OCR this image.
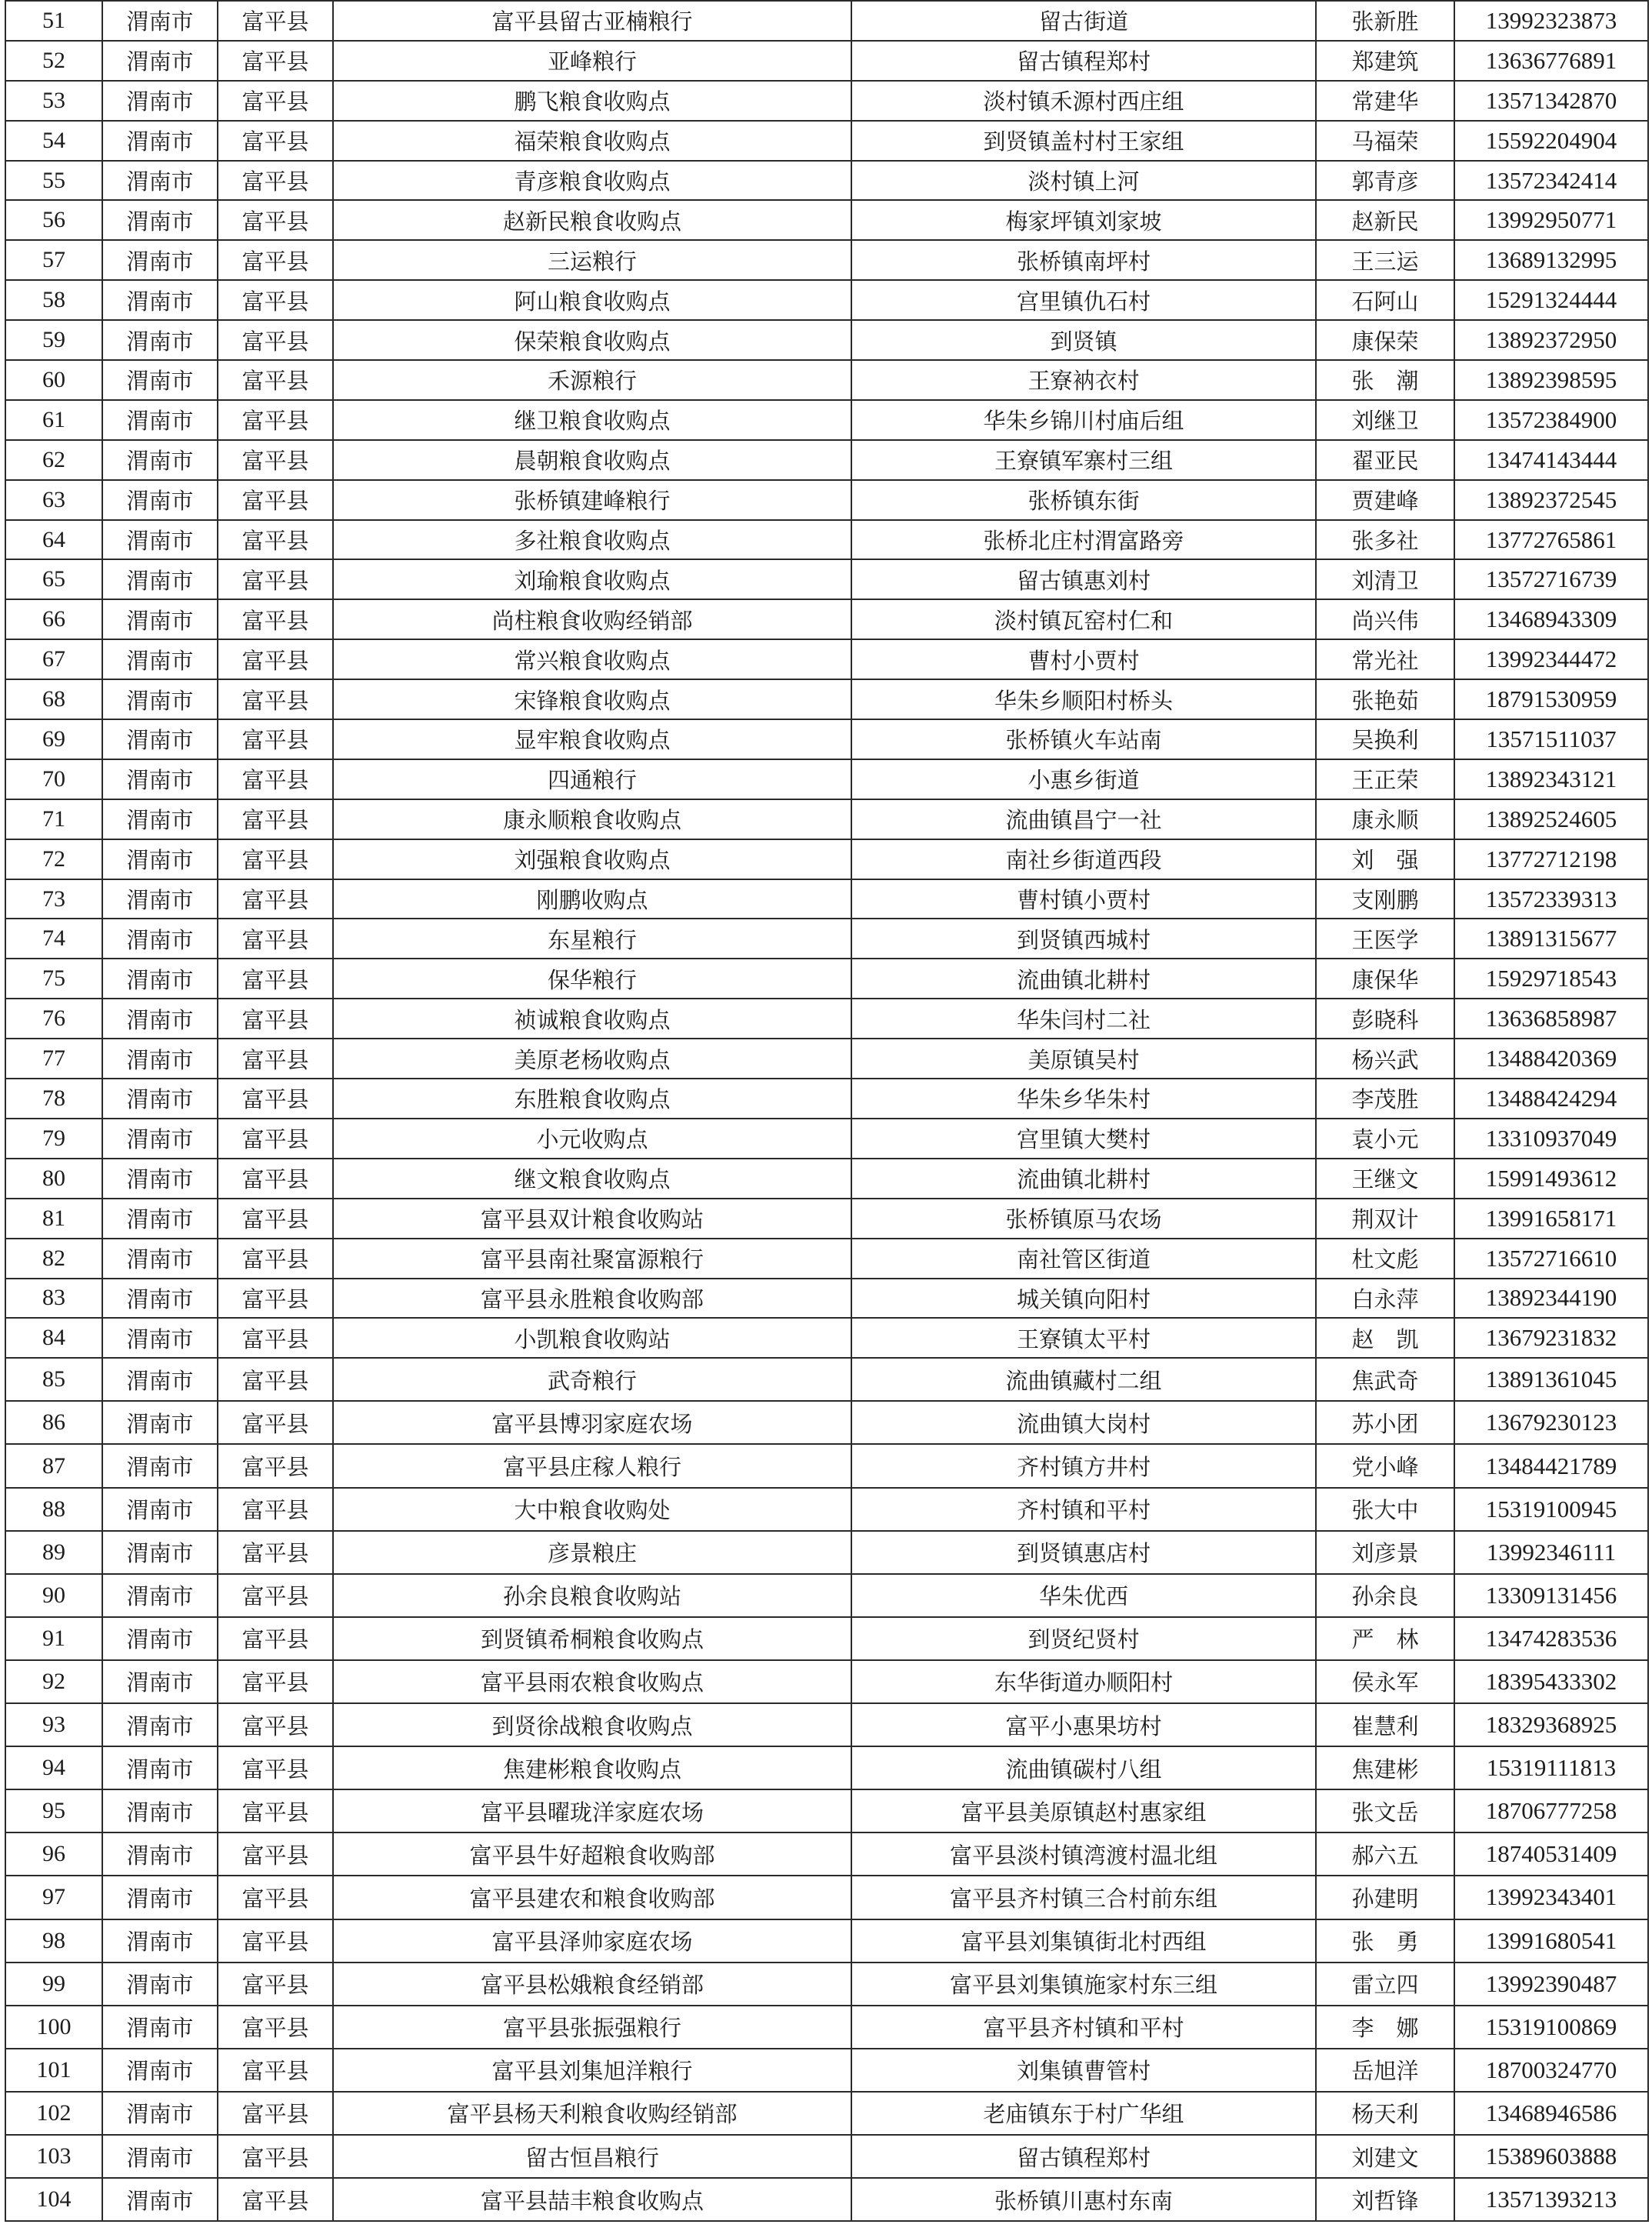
51	渭南市	富平县	富平县留古亚楠粮行	留古街道	张新胜	13992323873
52	渭南市	富平县	亚峰粮行	留古镇程郑村	郑建筑	13636776891
53	渭南市	富平县	鹏飞粮食收购点	淡村镇禾源村西庄组	常建华	13571342870
54	渭南市	富平县	福荣粮食收购点	到贤镇盖村村王家组	马福荣	15592204904
55	渭南市	富平县	青彦粮食收购点	淡村镇上河	郭青彦	13572342414
56	渭南市	富平县	赵新民粮食收购点	梅家坪镇刘家坡	赵新民	13992950771
57	渭南市	富平县	三运粮行	张桥镇南坪村	王三运	13689132995
58	渭南市	富平县	阿山粮食收购点	宫里镇仇石村	石阿山	15291324444
59	渭南市	富平县	保荣粮食收购点	到贤镇	康保荣	13892372950
60	渭南市	富平县	禾源粮行	王寮衲衣村	张　潮	13892398595
61	渭南市	富平县	继卫粮食收购点	华朱乡锦川村庙后组	刘继卫	13572384900
62	渭南市	富平县	晨朝粮食收购点	王寮镇军寨村三组	翟亚民	13474143444
63	渭南市	富平县	张桥镇建峰粮行	张桥镇东街	贾建峰	13892372545
64	渭南市	富平县	多社粮食收购点	张桥北庄村渭富路旁	张多社	13772765861
65	渭南市	富平县	刘瑜粮食收购点	留古镇惠刘村	刘清卫	13572716739
66	渭南市	富平县	尚柱粮食收购经销部	淡村镇瓦窑村仁和	尚兴伟	13468943309
67	渭南市	富平县	常兴粮食收购点	曹村小贾村	常光社	13992344472
68	渭南市	富平县	宋锋粮食收购点	华朱乡顺阳村桥头	张艳茹	18791530959
69	渭南市	富平县	显牢粮食收购点	张桥镇火车站南	吴换利	13571511037
70	渭南市	富平县	四通粮行	小惠乡街道	王正荣	13892343121
71	渭南市	富平县	康永顺粮食收购点	流曲镇昌宁一社	康永顺	13892524605
72	渭南市	富平县	刘强粮食收购点	南社乡街道西段	刘　强	13772712198
73	渭南市	富平县	刚鹏收购点	曹村镇小贾村	支刚鹏	13572339313
74	渭南市	富平县	东星粮行	到贤镇西城村	王医学	13891315677
75	渭南市	富平县	保华粮行	流曲镇北耕村	康保华	15929718543
76	渭南市	富平县	祯诚粮食收购点	华朱闫村二社	彭晓科	13636858987
77	渭南市	富平县	美原老杨收购点	美原镇吴村	杨兴武	13488420369
78	渭南市	富平县	东胜粮食收购点	华朱乡华朱村	李茂胜	13488424294
79	渭南市	富平县	小元收购点	宫里镇大樊村	袁小元	13310937049
80	渭南市	富平县	继文粮食收购点	流曲镇北耕村	王继文	15991493612
81	渭南市	富平县	富平县双计粮食收购站	张桥镇原马农场	荆双计	13991658171
82	渭南市	富平县	富平县南社聚富源粮行	南社管区街道	杜文彪	13572716610
83	渭南市	富平县	富平县永胜粮食收购部	城关镇向阳村	白永萍	13892344190
84	渭南市	富平县	小凯粮食收购站	王寮镇太平村	赵　凯	13679231832
85	渭南市	富平县	武奇粮行	流曲镇藏村二组	焦武奇	13891361045
86	渭南市	富平县	富平县博羽家庭农场	流曲镇大岗村	苏小团	13679230123
87	渭南市	富平县	富平县庄稼人粮行	齐村镇方井村	党小峰	13484421789
88	渭南市	富平县	大中粮食收购处	齐村镇和平村	张大中	15319100945
89	渭南市	富平县	彦景粮庄	到贤镇惠店村	刘彦景	13992346111
90	渭南市	富平县	孙余良粮食收购站	华朱优西	孙余良	13309131456
91	渭南市	富平县	到贤镇希桐粮食收购点	到贤纪贤村	严　林	13474283536
92	渭南市	富平县	富平县雨农粮食收购点	东华街道办顺阳村	侯永军	18395433302
93	渭南市	富平县	到贤徐战粮食收购点	富平小惠果坊村	崔慧利	18329368925
94	渭南市	富平县	焦建彬粮食收购点	流曲镇碳村八组	焦建彬	15319111813
95	渭南市	富平县	富平县曜珑洋家庭农场	富平县美原镇赵村惠家组	张文岳	18706777258
96	渭南市	富平县	富平县牛好超粮食收购部	富平县淡村镇湾渡村温北组	郝六五	18740531409
97	渭南市	富平县	富平县建农和粮食收购部	富平县齐村镇三合村前东组	孙建明	13992343401
98	渭南市	富平县	富平县泽帅家庭农场	富平县刘集镇街北村西组	张　勇	13991680541
99	渭南市	富平县	富平县松娥粮食经销部	富平县刘集镇施家村东三组	雷立四	13992390487
100	渭南市	富平县	富平县张振强粮行	富平县齐村镇和平村	李　娜	15319100869
101	渭南市	富平县	富平县刘集旭洋粮行	刘集镇曹管村	岳旭洋	18700324770
102	渭南市	富平县	富平县杨天利粮食收购经销部	老庙镇东于村广华组	杨天利	13468946586
103	渭南市	富平县	留古恒昌粮行	留古镇程郑村	刘建文	15389603888
104	渭南市	富平县	富平县喆丰粮食收购点	张桥镇川惠村东南	刘哲锋	13571393213
